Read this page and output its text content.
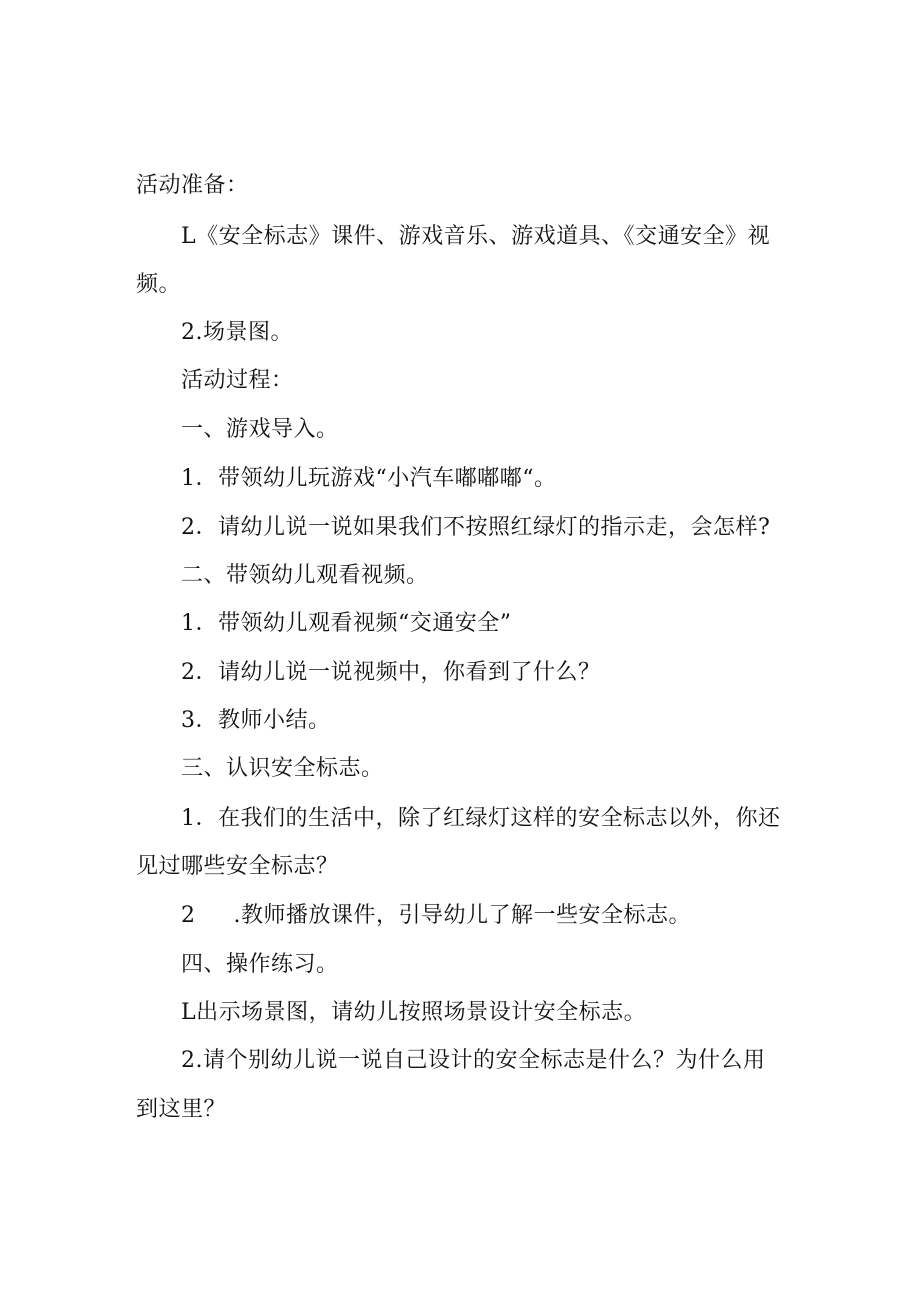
活动准备：
L《安全标志》课件、游戏音乐、游戏道具、《交通安全》视
频。
2.场景图。
活动过程：
一、游戏导入。
1．带领幼儿玩游戏“小汽车嘟嘟嘟“。
2．请幼儿说一说如果我们不按照红绿灯的指示走，会怎样?
二、带领幼儿观看视频。
1．带领幼儿观看视频“交通安全”
2．请幼儿说一说视频中，你看到了什么？
3．教师小结。
三、认识安全标志。
1．在我们的生活中，除了红绿灯这样的安全标志以外，你还
见过哪些安全标志？
2 .教师播放课件，引导幼儿了解一些安全标志。
四、操作练习。
L出示场景图，请幼儿按照场景设计安全标志。
2.请个别幼儿说一说自己设计的安全标志是什么？为什么用
到这里？
